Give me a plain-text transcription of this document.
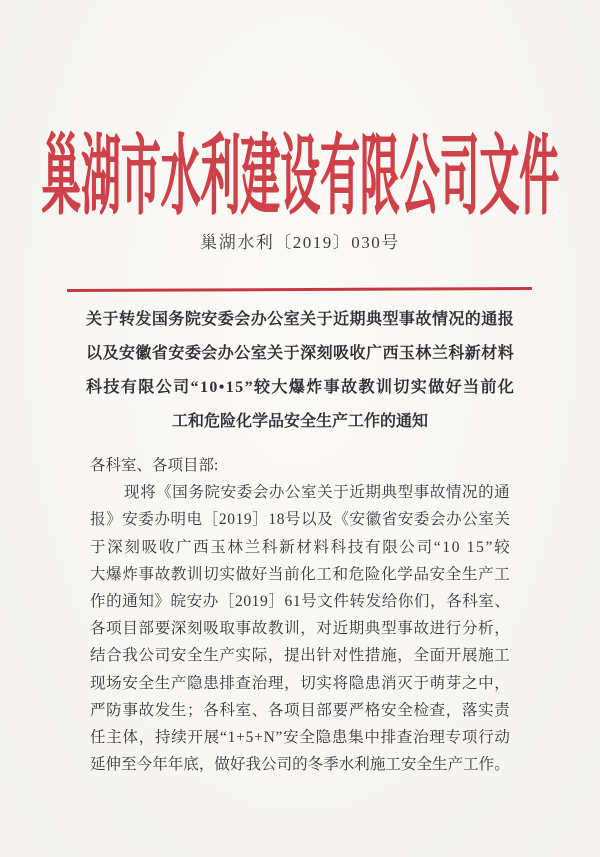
巢湖市水利建设有限公司文件
巢湖水利〔2019〕030号
关 于 转 发 国 务 院 安 委 会 办 公 室 关 于 近 期 典 型 事 故 情 况 的 通 报
以 及 安 徽 省 安 委 会 办 公 室 关 于 深 刻 吸 收 广 西 玉 林 兰 科 新 材 料
科 技 有 限 公 司 “ 1 0 • 1 5 ” 较 大 爆 炸 事 故 教 训 切 实 做 好 当 前 化
工和危险化学品安全生产工作的通知
各科室、各项目部:
现 将 《 国 务 院 安 委 会 办 公 室 关 于 近 期 典 型 事 故 情 况 的 通
报 》 安 委 办 明 电 ［ 2 0 1 9 ］ 1 8 号 以 及 《 安 徽 省 安 委 会 办 公 室 关
于 深 刻 吸 收 广 西 玉 林 兰 科 新 材 料 科 技 有 限 公 司 “ 1 0
1 5 ” 较
大 爆 炸 事 故 教 训 切 实 做 好 当 前 化 工 和 危 险 化 学 品 安 全 生 产 工
作 的 通 知 》 皖 安 办 ［ 2 0 1 9 ］ 6 1 号 文 件 转 发 给 你 们 ， 各 科 室 、
各 项 目 部 要 深 刻 吸 取 事 故 教 训 ， 对 近 期 典 型 事 故 进 行 分 析 ，
结 合 我 公 司 安 全 生 产 实 际 ， 提 出 针 对 性 措 施 ， 全 面 开 展 施 工
现 场 安 全 生 产 隐 患 排 查 治 理 ， 切 实 将 隐 患 消 灭 于 萌 芽 之 中 ，
严 防 事 故 发 生 ； 各 科 室 、 各 项 目 部 要 严 格 安 全 检 查 ， 落 实 责
任 主 体 ， 持 续 开 展 “ 1 + 5 + N ” 安 全 隐 患 集 中 排 查 治 理 专 项 行 动
延 伸 至 今 年 年 底 ， 做 好 我 公 司 的 冬 季 水 利 施 工 安 全 生 产 工 作 。
